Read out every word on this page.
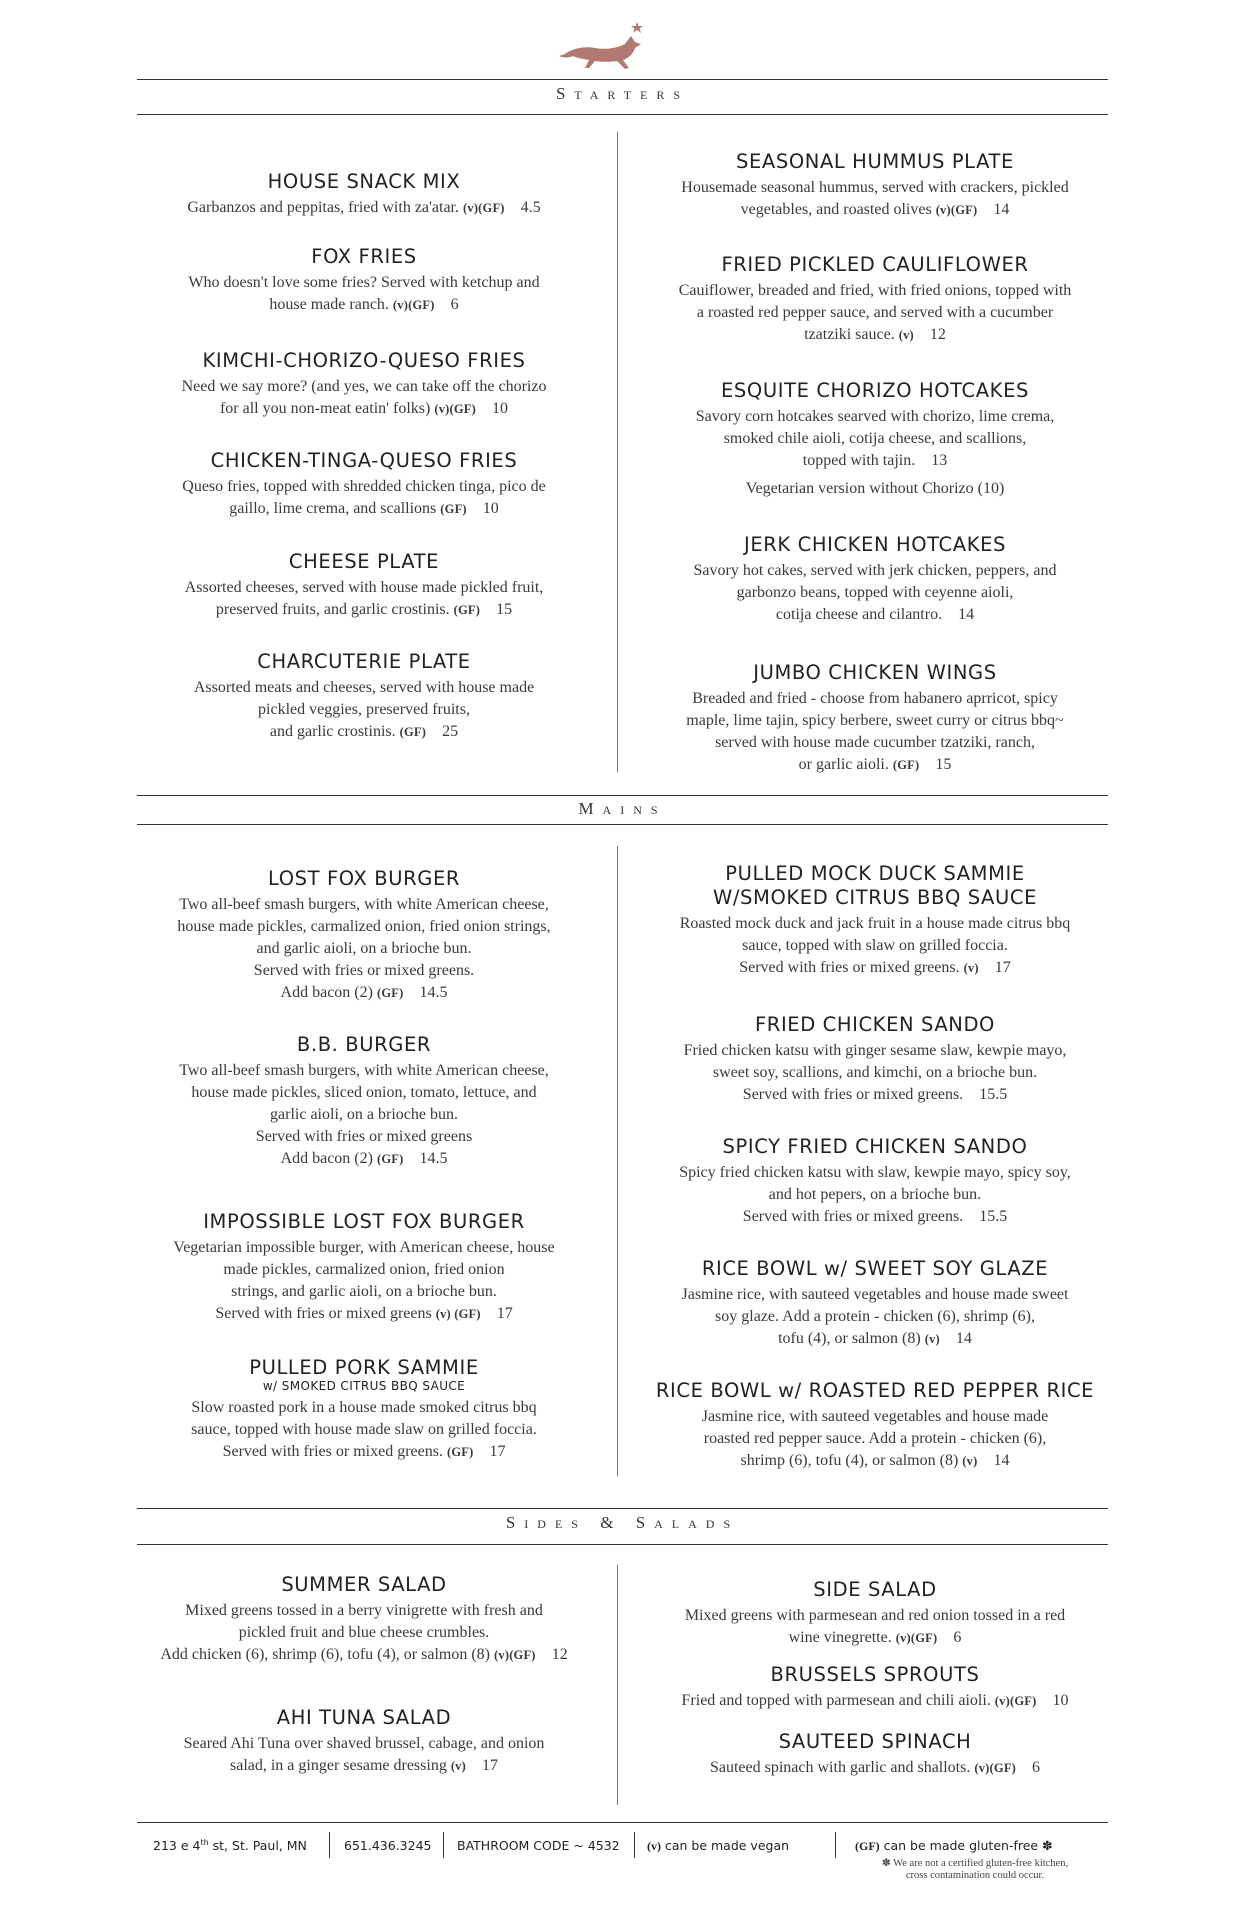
Starters
HOUSE SNACK MIX

Garbanzos and peppitas, fried with za'atar. (v)(GF)  4.5

FOX FRIES

Who doesn't love some fries? Served with ketchup and
house made ranch. (v)(GF)  6

KIMCHI-CHORIZO-QUESO FRIES

Need we say more? (and yes, we can take off the chorizo
for all you non-meat eatin' folks) (v)(GF)  10

CHICKEN-TINGA-QUESO FRIES

Queso fries, topped with shredded chicken tinga, pico de
gaillo, lime crema, and scallions (GF)  10

CHEESE PLATE

Assorted cheeses, served with house made pickled fruit,
preserved fruits, and garlic crostinis. (GF)  15

CHARCUTERIE PLATE

Assorted meats and cheeses, served with house made
pickled veggies, preserved fruits,
and garlic crostinis. (GF)  25

SEASONAL HUMMUS PLATE

Housemade seasonal hummus, served with crackers, pickled
vegetables, and roasted olives (v)(GF)  14

FRIED PICKLED CAULIFLOWER

Cauiflower, breaded and fried, with fried onions, topped with
a roasted red pepper sauce, and served with a cucumber
tzatziki sauce. (v)  12

ESQUITE CHORIZO HOTCAKES

Savory corn hotcakes searved with chorizo, lime crema,
smoked chile aioli, cotija cheese, and scallions,
topped with tajin.  13

Vegetarian version without Chorizo (10)
JERK CHICKEN HOTCAKES

Savory hot cakes, served with jerk chicken, peppers, and
garbonzo beans, topped with ceyenne aioli,
cotija cheese and cilantro.  14

JUMBO CHICKEN WINGS

Breaded and fried - choose from habanero aprricot, spicy
maple, lime tajin, spicy berbere, sweet curry or citrus bbq~
served with house made cucumber tzatziki, ranch,
or garlic aioli. (GF)  15

Mains
LOST FOX BURGER

Two all-beef smash burgers, with white American cheese,
house made pickles, carmalized onion, fried onion strings,
and garlic aioli, on a brioche bun.
Served with fries or mixed greens.
Add bacon (2) (GF)  14.5

B.B. BURGER

Two all-beef smash burgers, with white American cheese,
house made pickles, sliced onion, tomato, lettuce, and
garlic aioli, on a brioche bun.
Served with fries or mixed greens
Add bacon (2) (GF)  14.5

IMPOSSIBLE LOST FOX BURGER

Vegetarian impossible burger, with American cheese, house
made pickles, carmalized onion, fried onion
strings, and garlic aioli, on a brioche bun.
Served with fries or mixed greens (v) (GF)  17

PULLED PORK SAMMIE
w/ SMOKED CITRUS BBQ SAUCE

Slow roasted pork in a house made smoked citrus bbq
sauce, topped with house made slaw on grilled foccia.
Served with fries or mixed greens. (GF)  17

PULLED MOCK DUCK SAMMIE
W/SMOKED CITRUS BBQ SAUCE

Roasted mock duck and jack fruit in a house made citrus bbq
sauce, topped with slaw on grilled foccia.
Served with fries or mixed greens. (v)  17

FRIED CHICKEN SANDO

Fried chicken katsu with ginger sesame slaw, kewpie mayo,
sweet soy, scallions, and kimchi, on a brioche bun.
Served with fries or mixed greens.  15.5

SPICY FRIED CHICKEN SANDO

Spicy fried chicken katsu with slaw, kewpie mayo, spicy soy,
and hot pepers, on a brioche bun.
Served with fries or mixed greens.  15.5

RICE BOWL w/ SWEET SOY GLAZE

Jasmine rice, with sauteed vegetables and house made sweet
soy glaze. Add a protein - chicken (6), shrimp (6),
tofu (4), or salmon (8) (v)  14

RICE BOWL w/ ROASTED RED PEPPER RICE

Jasmine rice, with sauteed vegetables and house made
roasted red pepper sauce. Add a protein - chicken (6),
shrimp (6), tofu (4), or salmon (8) (v)  14

Sides & Salads
SUMMER SALAD

Mixed greens tossed in a berry vinigrette with fresh and
pickled fruit and blue cheese crumbles.
Add chicken (6), shrimp (6), tofu (4), or salmon (8) (v)(GF)  12

AHI TUNA SALAD

Seared Ahi Tuna over shaved brussel, cabage, and onion
salad, in a ginger sesame dressing (v)  17

SIDE SALAD

Mixed greens with parmesean and red onion tossed in a red
wine vinegrette. (v)(GF)  6

BRUSSELS SPROUTS

Fried and topped with parmesean and chili aioli. (v)(GF)  10

SAUTEED SPINACH

Sauteed spinach with garlic and shallots. (v)(GF)  6

213 e 4th st, St. Paul, MN	651.436.3245 BATHROOM CODE ~ 4532 (v) can be made vegan	(GF) can be made gluten-free ✽
✽ We are not a certified gluten-free kitchen,
cross contamination could occur.
